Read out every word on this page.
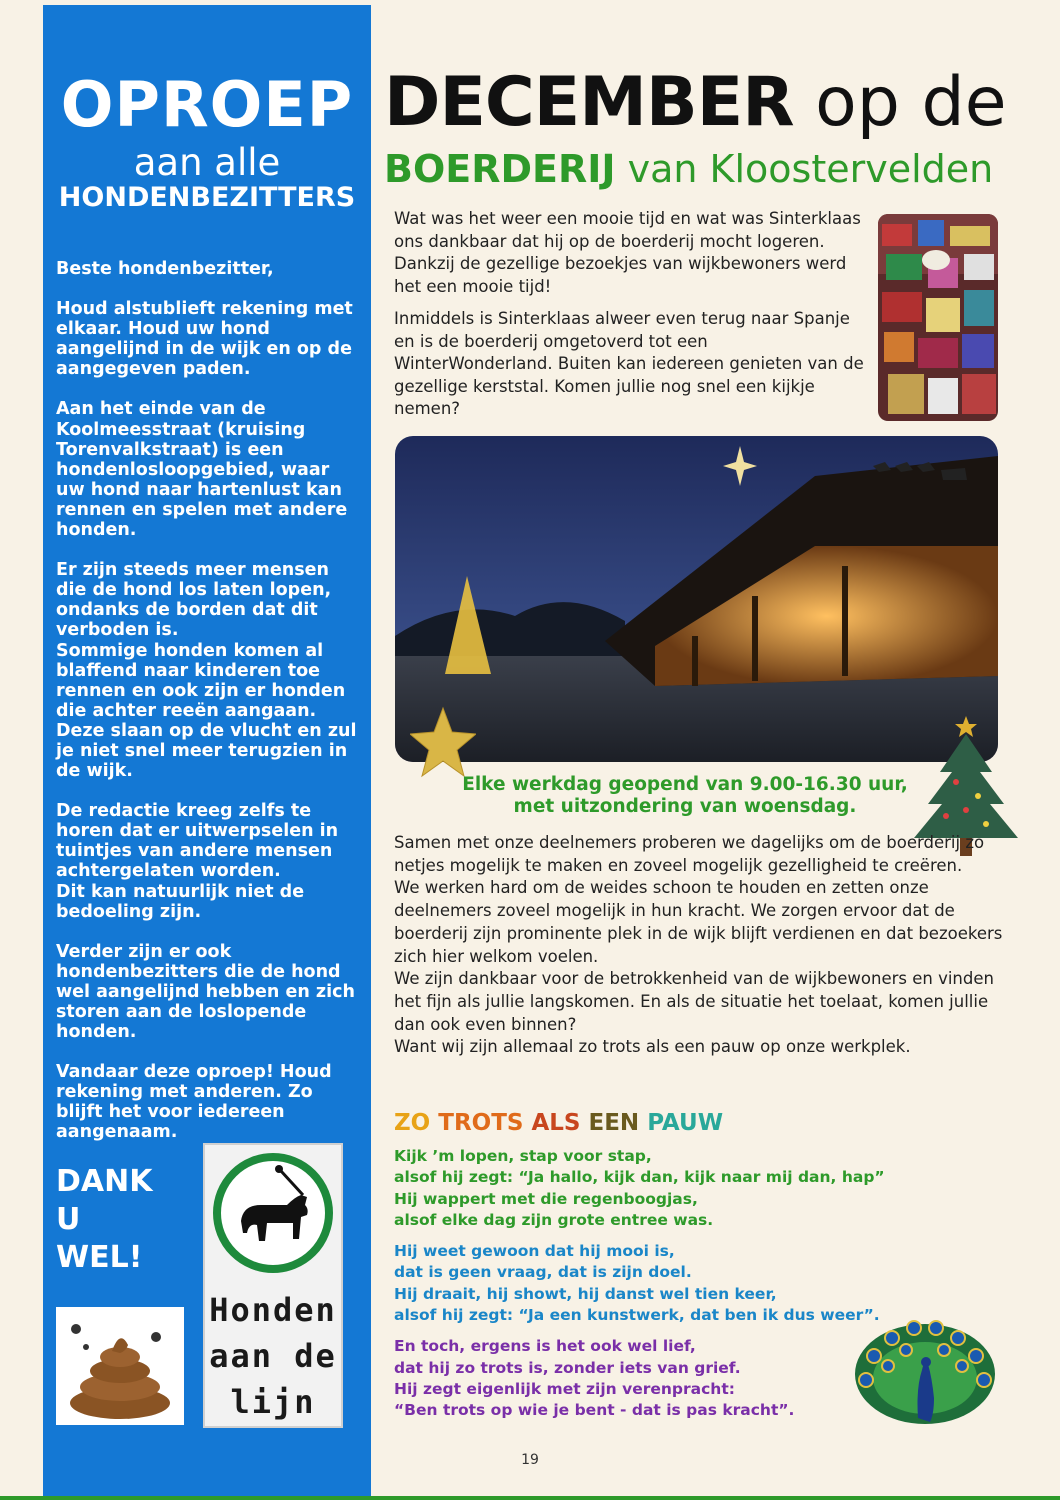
OPROEP
aan alle
HONDENBEZITTERS

Beste hondenbezitter,

Houd alstublieft rekening met elkaar. Houd uw hond aangelijnd in de wijk en op de aangegeven paden.

Aan het einde van de Koolmeesstraat (kruising Torenvalkstraat) is een hondenlosloopgebied, waar uw hond naar hartenlust kan rennen en spelen met andere honden.

Er zijn steeds meer mensen die de hond los laten lopen, ondanks de borden dat dit verboden is.

Sommige honden komen al blaffend naar kinderen toe rennen en ook zijn er honden die achter reeën aangaan. Deze slaan op de vlucht en zul je niet snel meer terugzien in de wijk.

De redactie kreeg zelfs te horen dat er uitwerpselen in tuintjes van andere mensen achtergelaten worden.

Dit kan natuurlijk niet de bedoeling zijn.

Verder zijn er ook hondenbezitters die de hond wel aangelijnd hebben en zich storen aan de loslopende honden.

Vandaar deze oproep! Houd rekening met anderen. Zo blijft het voor iedereen aangenaam.

DANK
U
WEL!
Honden
aan de
lijn
DECEMBER op de
BOERDERIJ van Kloostervelden

Wat was het weer een mooie tijd en wat was Sinterklaas ons dankbaar dat hij op de boerderij mocht logeren. Dankzij de gezellige bezoekjes van wijkbewoners werd het een mooie tijd!

Inmiddels is Sinterklaas alweer even terug naar Spanje en is de boerderij omgetoverd tot een WinterWonderland. Buiten kan iedereen genieten van de gezellige kerststal. Komen jullie nog snel een kijkje nemen?

Elke werkdag geopend van 9.00-16.30 uur,
met uitzondering van woensdag.

Samen met onze deelnemers proberen we dagelijks om de boerderij zo netjes mogelijk te maken en zoveel mogelijk gezelligheid te creëren.

We werken hard om de weides schoon te houden en zetten onze deelnemers zoveel mogelijk in hun kracht. We zorgen ervoor dat de boerderij zijn prominente plek in de wijk blijft verdienen en dat bezoekers zich hier welkom voelen.

We zijn dankbaar voor de betrokkenheid van de wijkbewoners en vinden het fijn als jullie langskomen. En als de situatie het toelaat, komen jullie dan ook even binnen?

Want wij zijn allemaal zo trots als een pauw op onze werkplek.

ZO TROTS ALS EEN PAUW

Kijk ’m lopen, stap voor stap,
alsof hij zegt: “Ja hallo, kijk dan, kijk naar mij dan, hap”
Hij wappert met die regenboogjas,
alsof elke dag zijn grote entree was.

Hij weet gewoon dat hij mooi is,
dat is geen vraag, dat is zijn doel.
Hij draait, hij showt, hij danst wel tien keer,
alsof hij zegt: “Ja een kunstwerk, dat ben ik dus weer”.

En toch, ergens is het ook wel lief,
dat hij zo trots is, zonder iets van grief.
Hij zegt eigenlijk met zijn verenpracht:
“Ben trots op wie je bent - dat is pas kracht”.

19
